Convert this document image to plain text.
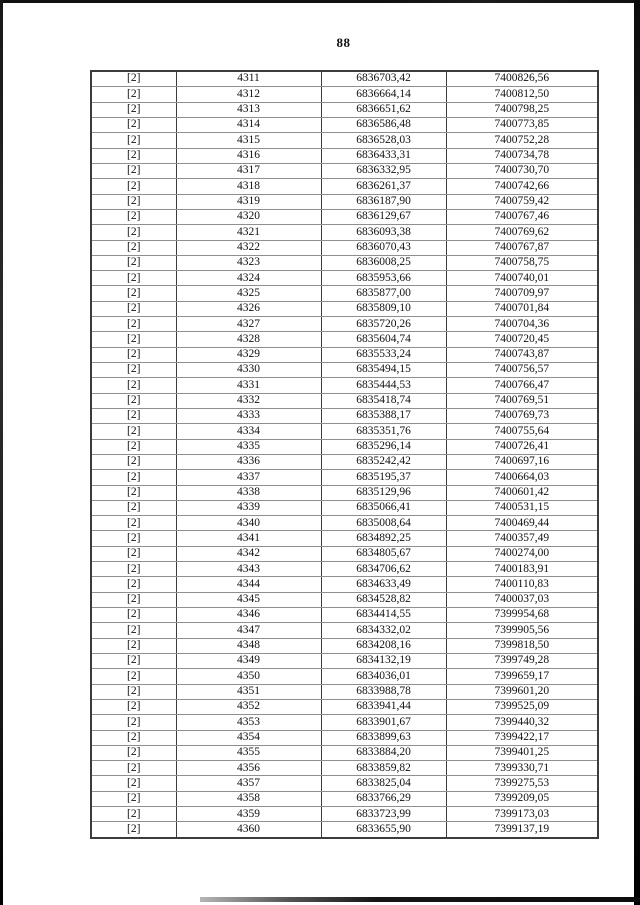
88
[2]	4311	6836703,42	7400826,56
[2]	4312	6836664,14	7400812,50
[2]	4313	6836651,62	7400798,25
[2]	4314	6836586,48	7400773,85
[2]	4315	6836528,03	7400752,28
[2]	4316	6836433,31	7400734,78
[2]	4317	6836332,95	7400730,70
[2]	4318	6836261,37	7400742,66
[2]	4319	6836187,90	7400759,42
[2]	4320	6836129,67	7400767,46
[2]	4321	6836093,38	7400769,62
[2]	4322	6836070,43	7400767,87
[2]	4323	6836008,25	7400758,75
[2]	4324	6835953,66	7400740,01
[2]	4325	6835877,00	7400709,97
[2]	4326	6835809,10	7400701,84
[2]	4327	6835720,26	7400704,36
[2]	4328	6835604,74	7400720,45
[2]	4329	6835533,24	7400743,87
[2]	4330	6835494,15	7400756,57
[2]	4331	6835444,53	7400766,47
[2]	4332	6835418,74	7400769,51
[2]	4333	6835388,17	7400769,73
[2]	4334	6835351,76	7400755,64
[2]	4335	6835296,14	7400726,41
[2]	4336	6835242,42	7400697,16
[2]	4337	6835195,37	7400664,03
[2]	4338	6835129,96	7400601,42
[2]	4339	6835066,41	7400531,15
[2]	4340	6835008,64	7400469,44
[2]	4341	6834892,25	7400357,49
[2]	4342	6834805,67	7400274,00
[2]	4343	6834706,62	7400183,91
[2]	4344	6834633,49	7400110,83
[2]	4345	6834528,82	7400037,03
[2]	4346	6834414,55	7399954,68
[2]	4347	6834332,02	7399905,56
[2]	4348	6834208,16	7399818,50
[2]	4349	6834132,19	7399749,28
[2]	4350	6834036,01	7399659,17
[2]	4351	6833988,78	7399601,20
[2]	4352	6833941,44	7399525,09
[2]	4353	6833901,67	7399440,32
[2]	4354	6833899,63	7399422,17
[2]	4355	6833884,20	7399401,25
[2]	4356	6833859,82	7399330,71
[2]	4357	6833825,04	7399275,53
[2]	4358	6833766,29	7399209,05
[2]	4359	6833723,99	7399173,03
[2]	4360	6833655,90	7399137,19
